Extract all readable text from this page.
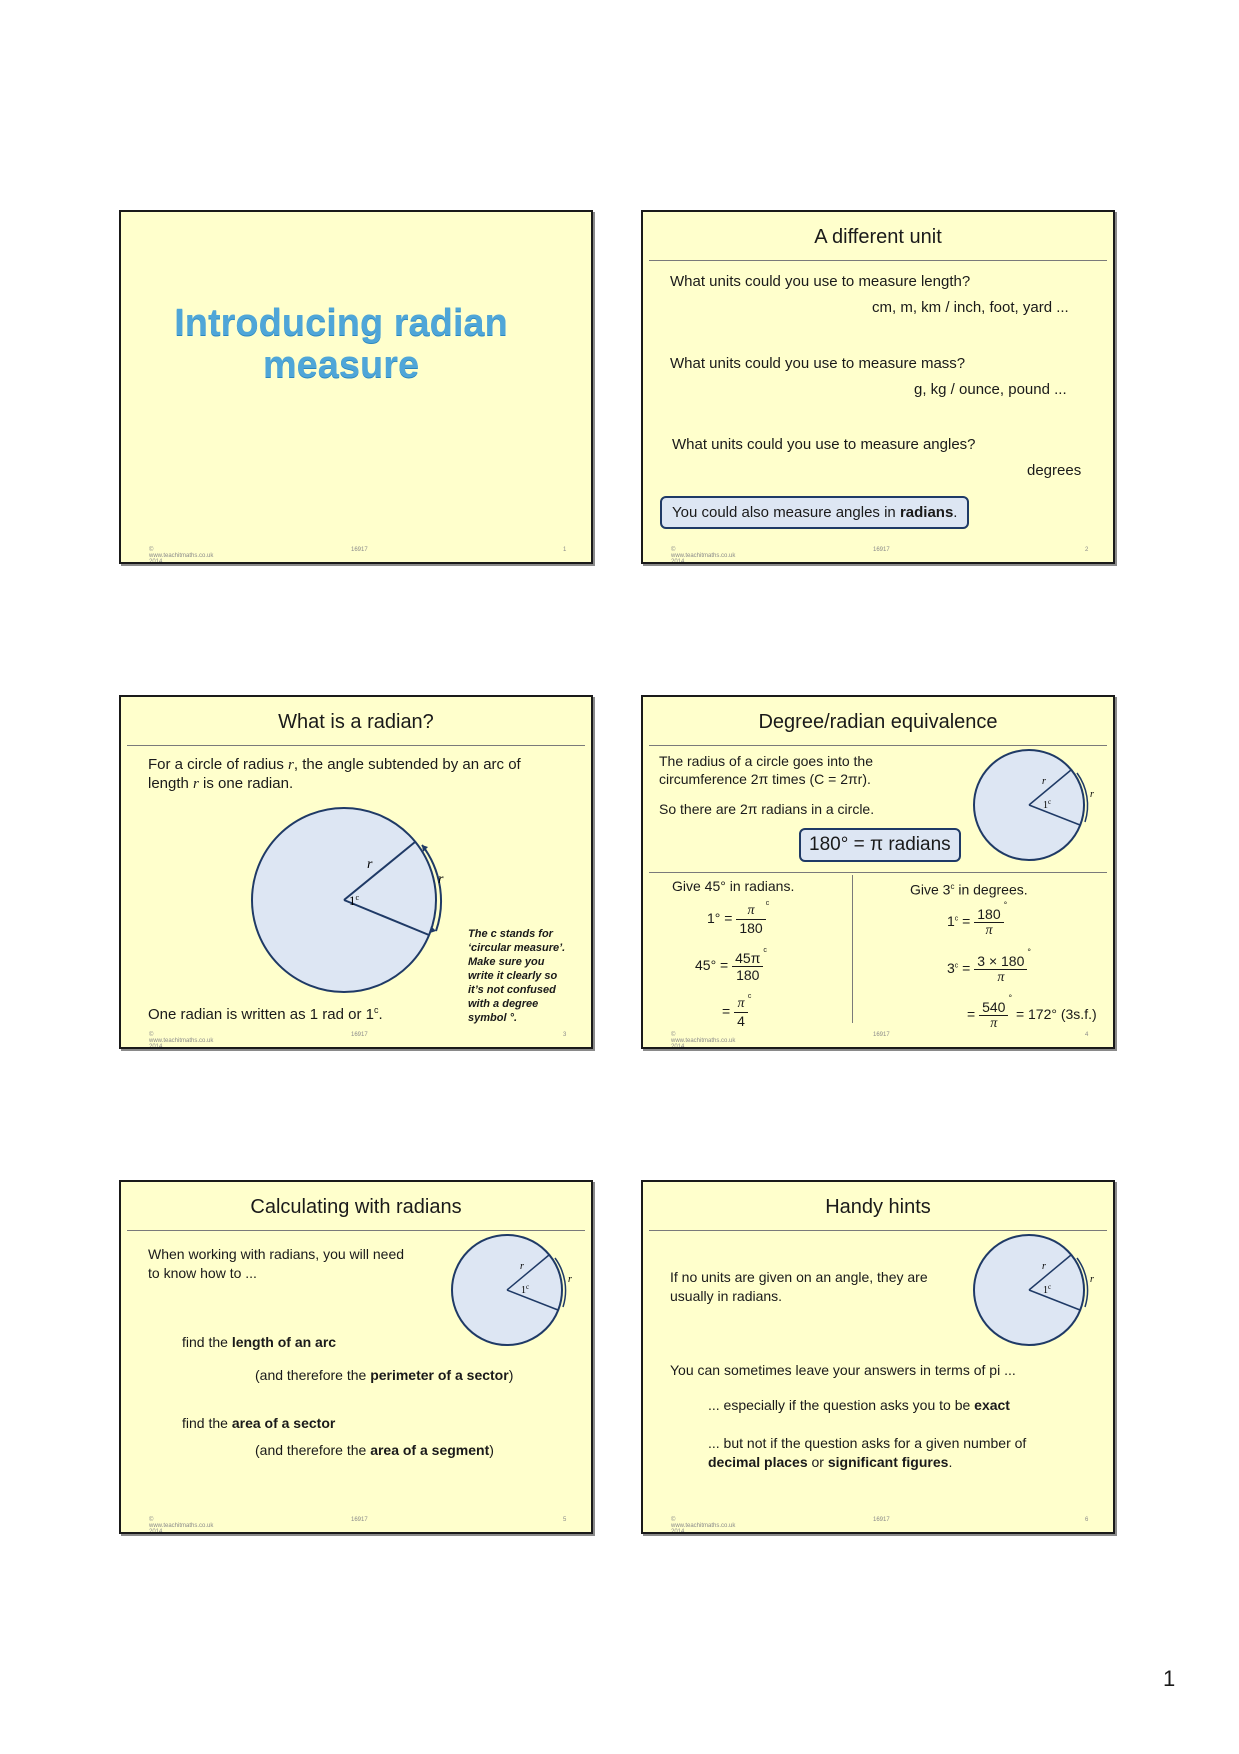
Introducing radian
measure
© www.teachitmaths.co.uk 2014
16917	1
A different unit
What units could you use to measure length?
cm, m, km / inch, foot, yard ...
What units could you use to measure mass?
g, kg / ounce, pound ...
What units could you use to measure angles?
degrees
You could also measure angles in radians.
© www.teachitmaths.co.uk 2014
16917	2
What is a radian?
For a circle of radius r, the angle subtended by an arc of
length r is one radian.
r
r
1$^c$
The c stands for
‘circular measure’.
Make sure you
write it clearly so
it’s not confused
with a degree
symbol °.
One radian is written as 1 rad or 1$^c$.
© www.teachitmaths.co.uk 2014
16917	3
Degree/radian equivalence
The radius of a circle goes into the
circumference 2π times (C = 2πr).
So there are 2π radians in a circle.
r
r
1$^c$
180° = π radians
Give 45° in radians.	Give 3$^c$ in degrees.
$1^\circ = \frac{\pi}{180} ^c$
$45^\circ = \frac{45\pi}{180} ^c$
= $\frac{\pi}{4} ^c$
$1^c = \frac{180}{\pi}$
°
$3^c = \frac{3 \times 180}{\pi}$
°
= $\frac{540}{\pi}$
° = 172° (3s.f.)
© www.teachitmaths.co.uk 2014
16917	4
Calculating with radians
When working with radians, you will need
to know how to ...	r
r
1$^c$
find the length of an arc
(and therefore the perimeter of a sector)
find the area of a sector
(and therefore the area of a segment)
© www.teachitmaths.co.uk 2014
16917	5
Handy hints
r
r
1$^c$
If no units are given on an angle, they are
usually in radians.
You can sometimes leave your answers in terms of pi ...
... especially if the question asks you to be exact
... but not if the question asks for a given number of
decimal places or significant figures.
© www.teachitmaths.co.uk 2014
16917	6
1
